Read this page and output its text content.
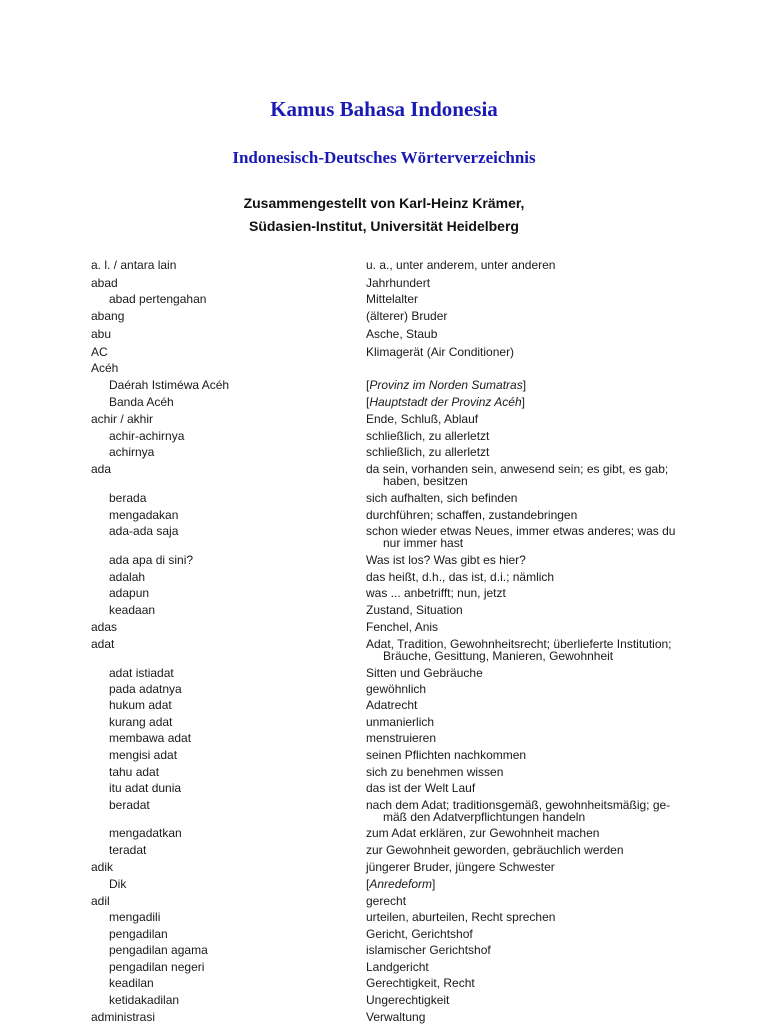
Kamus Bahasa Indonesia
Indonesisch-Deutsches Wörterverzeichnis

Zusammengestellt von Karl-Heinz Krämer,

Südasien-Institut, Universität Heidelberg

a. l. / antara lain	u. a., unter anderem, unter anderen
abad	Jahrhundert
abad pertengahan	Mittelalter
abang	(älterer) Bruder
abu	Asche, Staub
AC	Klimagerät (Air Conditioner)
Acéh
Daérah Istiméwa Acéh	[Provinz im Norden Sumatras]
Banda Acéh	[Hauptstadt der Provinz Acéh]
achir / akhir	Ende, Schluß, Ablauf
achir-achirnya	schließlich, zu allerletzt
achirnya	schließlich, zu allerletzt
ada	da sein, vorhanden sein, anwesend sein; es gibt, es gab;
haben, besitzen
berada	sich aufhalten, sich befinden
mengadakan	durchführen; schaffen, zustandebringen
ada-ada saja	schon wieder etwas Neues, immer etwas anderes; was du
nur immer hast
ada apa di sini?	Was ist los? Was gibt es hier?
adalah	das heißt, d.h., das ist, d.i.; nämlich
adapun	was ... anbetrifft; nun, jetzt
keadaan	Zustand, Situation
adas	Fenchel, Anis
adat	Adat, Tradition, Gewohnheitsrecht; überlieferte Institution;
Bräuche, Gesittung, Manieren, Gewohnheit
adat istiadat	Sitten und Gebräuche
pada adatnya	gewöhnlich
hukum adat	Adatrecht
kurang adat	unmanierlich
membawa adat	menstruieren
mengisi adat	seinen Pflichten nachkommen
tahu adat	sich zu benehmen wissen
itu adat dunia	das ist der Welt Lauf
beradat	nach dem Adat; traditionsgemäß, gewohnheitsmäßig; ge-
mäß den Adatverpflichtungen handeln
mengadatkan	zum Adat erklären, zur Gewohnheit machen
teradat	zur Gewohnheit geworden, gebräuchlich werden
adik	jüngerer Bruder, jüngere Schwester
Dik	[Anredeform]
adil	gerecht
mengadili	urteilen, aburteilen, Recht sprechen
pengadilan	Gericht, Gerichtshof
pengadilan agama	islamischer Gerichtshof
pengadilan negeri	Landgericht
keadilan	Gerechtigkeit, Recht
ketidakadilan	Ungerechtigkeit
administrasi	Verwaltung
